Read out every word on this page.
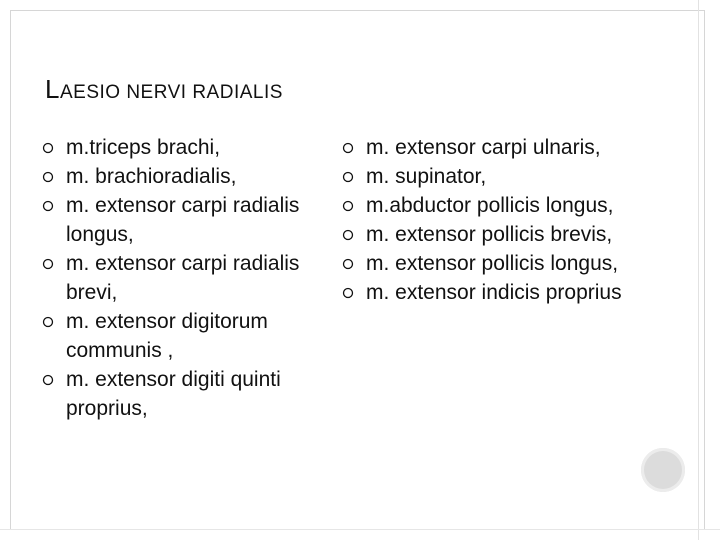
LAESIO NERVI RADIALIS
m.triceps brachi,
m. brachioradialis,
m. extensor carpi radialis longus,
m. extensor carpi radialis brevi,
m. extensor digitorum communis ,
m. extensor digiti quinti proprius,
m. extensor carpi ulnaris,
m. supinator,
m.abductor pollicis longus,
m. extensor pollicis brevis,
m. extensor pollicis longus,
m. extensor indicis proprius
